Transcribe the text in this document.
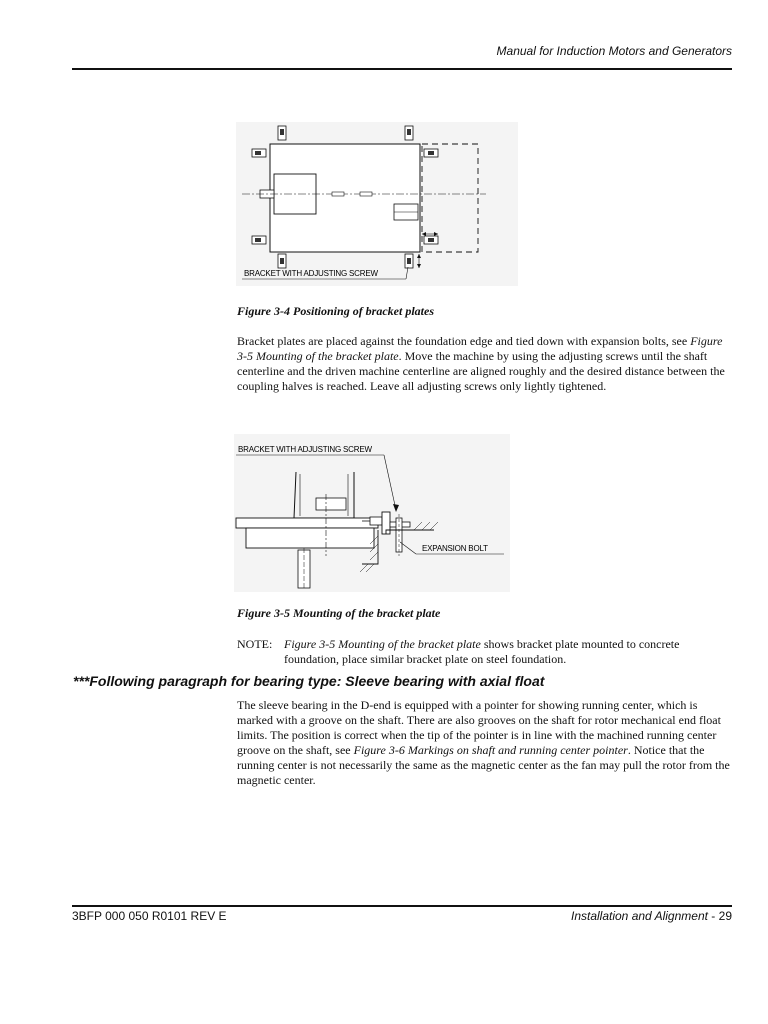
Manual for Induction Motors and Generators
BRACKET WITH ADJUSTING SCREW
Figure 3-4 Positioning of bracket plates
Bracket plates are placed against the foundation edge and tied down with expansion bolts, see Figure 3-5 Mounting of the bracket plate. Move the machine by using the adjusting screws until the shaft centerline and the driven machine centerline are aligned roughly and the desired distance between the coupling halves is reached. Leave all adjusting screws only lightly tightened.
BRACKET WITH ADJUSTING SCREW
EXPANSION BOLT
Figure 3-5 Mounting of the bracket plate
NOTE: Figure 3-5 Mounting of the bracket plate shows bracket plate mounted to concrete foundation, place similar bracket plate on steel foundation.
***Following paragraph for bearing type: Sleeve bearing with axial float
The sleeve bearing in the D-end is equipped with a pointer for showing running center, which is marked with a groove on the shaft. There are also grooves on the shaft for rotor mechanical end float limits. The position is correct when the tip of the pointer is in line with the machined running center groove on the shaft, see Figure 3-6 Markings on shaft and running center pointer. Notice that the running center is not necessarily the same as the magnetic center as the fan may pull the rotor from the magnetic center.
3BFP 000 050 R0101 REV E	Installation and Alignment - 29
